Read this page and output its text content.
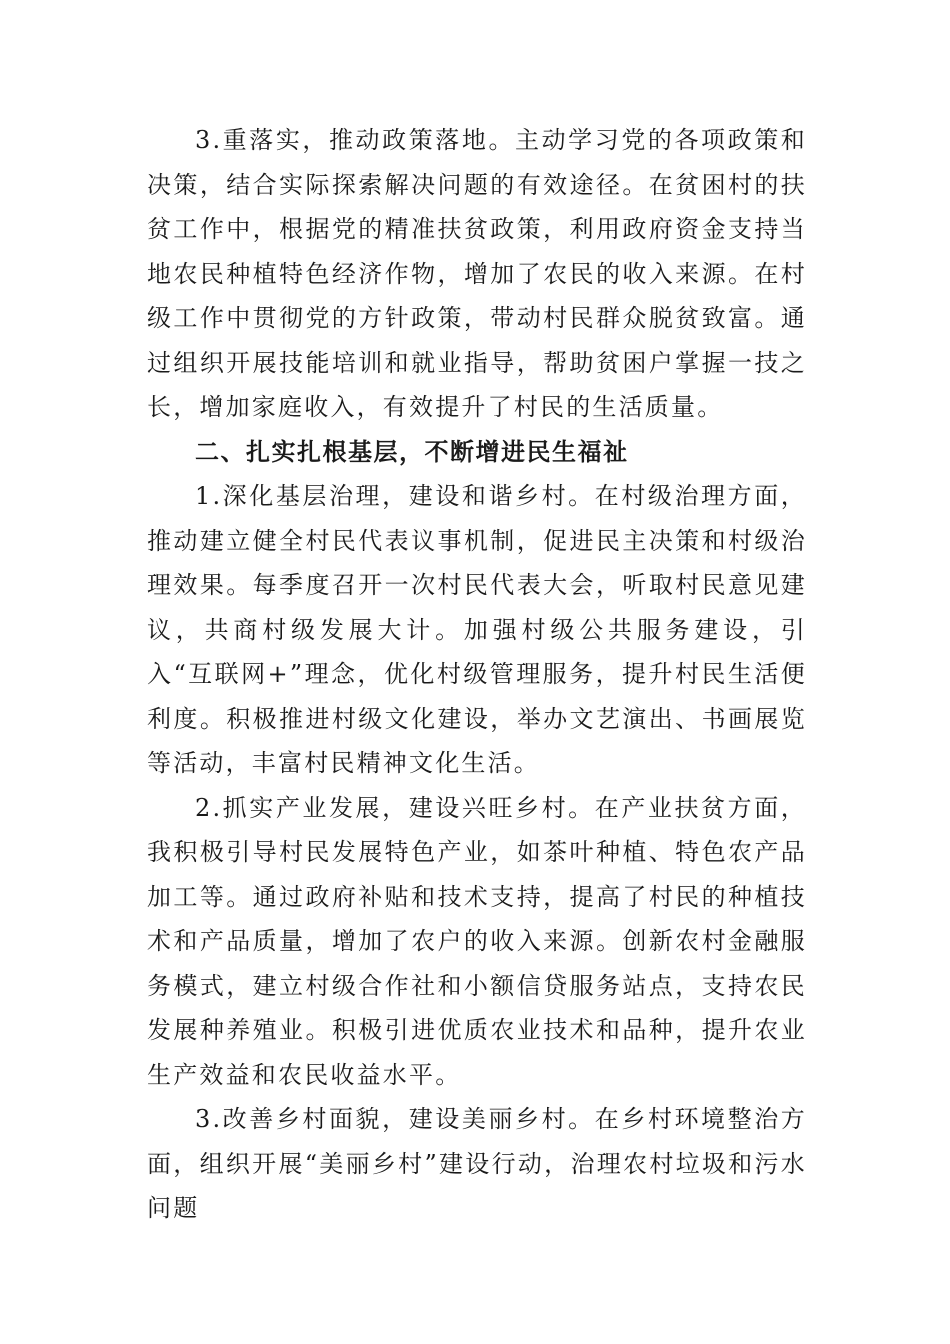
3.重落实，推动政策落地。主动学习党的各项政策和决策，结合实际探索解决问题的有效途径。在贫困村的扶贫工作中，根据党的精准扶贫政策，利用政府资金支持当地农民种植特色经济作物，增加了农民的收入来源。在村级工作中贯彻党的方针政策，带动村民群众脱贫致富。通过组织开展技能培训和就业指导，帮助贫困户掌握一技之长，增加家庭收入，有效提升了村民的生活质量。

二、扎实扎根基层，不断增进民生福祉

1.深化基层治理，建设和谐乡村。在村级治理方面，推动建立健全村民代表议事机制，促进民主决策和村级治理效果。每季度召开一次村民代表大会，听取村民意见建议，共商村级发展大计。加强村级公共服务建设，引入“互联网+”理念，优化村级管理服务，提升村民生活便利度。积极推进村级文化建设，举办文艺演出、书画展览等活动，丰富村民精神文化生活。

2.抓实产业发展，建设兴旺乡村。在产业扶贫方面，我积极引导村民发展特色产业，如茶叶种植、特色农产品加工等。通过政府补贴和技术支持，提高了村民的种植技术和产品质量，增加了农户的收入来源。创新农村金融服务模式，建立村级合作社和小额信贷服务站点，支持农民发展种养殖业。积极引进优质农业技术和品种，提升农业生产效益和农民收益水平。

3.改善乡村面貌，建设美丽乡村。在乡村环境整治方面，组织开展“美丽乡村”建设行动，治理农村垃圾和污水问题
